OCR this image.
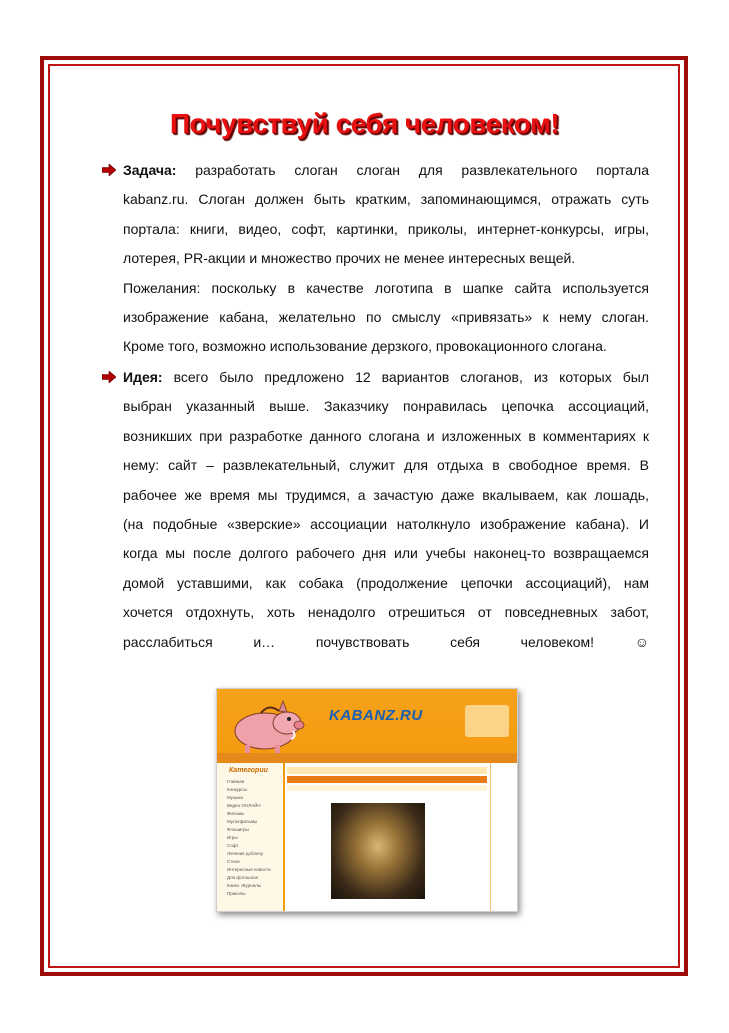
Почувствуй себя человеком!
Задача: разработать слоган слоган для развлекательного портала
kabanz.ru. Слоган должен быть кратким, запоминающимся, отражать суть
портала: книги, видео, софт, картинки, приколы, интернет-конкурсы, игры,
лотерея, PR-акции и множество прочих не менее интересных вещей.
Пожелания: поскольку в качестве логотипа в шапке сайта используется
изображение кабана, желательно по смыслу «привязать» к нему слоган.
Кроме того, возможно использование дерзкого, провокационного слогана.
Идея: всего было предложено 12 вариантов слоганов, из которых был
выбран указанный выше. Заказчику понравилась цепочка ассоциаций,
возникших при разработке данного слогана и изложенных в комментариях к
нему: сайт – развлекательный, служит для отдыха в свободное время. В
рабочее же время мы трудимся, а зачастую даже вкалываем, как лошадь,
(на подобные «зверские» ассоциации натолкнуло изображение кабана). И
когда мы после долгого рабочего дня или учебы наконец-то возвращаемся
домой уставшими, как собака (продолжение цепочки ассоциаций), нам
хочется отдохнуть, хоть ненадолго отрешиться от повседневных забот,
расслабиться и… почувствовать себя человеком! ☺
KABANZ.RU
Категории
Главная
Конкурсы
Музыка
Видео ОНЛАЙН
Фильмы
Мультфильмы
Флэшигры
Игры
Софт
Лечение доблачу
Стихи
Интересные новости
Для фотошопа
Книги. Журналы
Приколы
